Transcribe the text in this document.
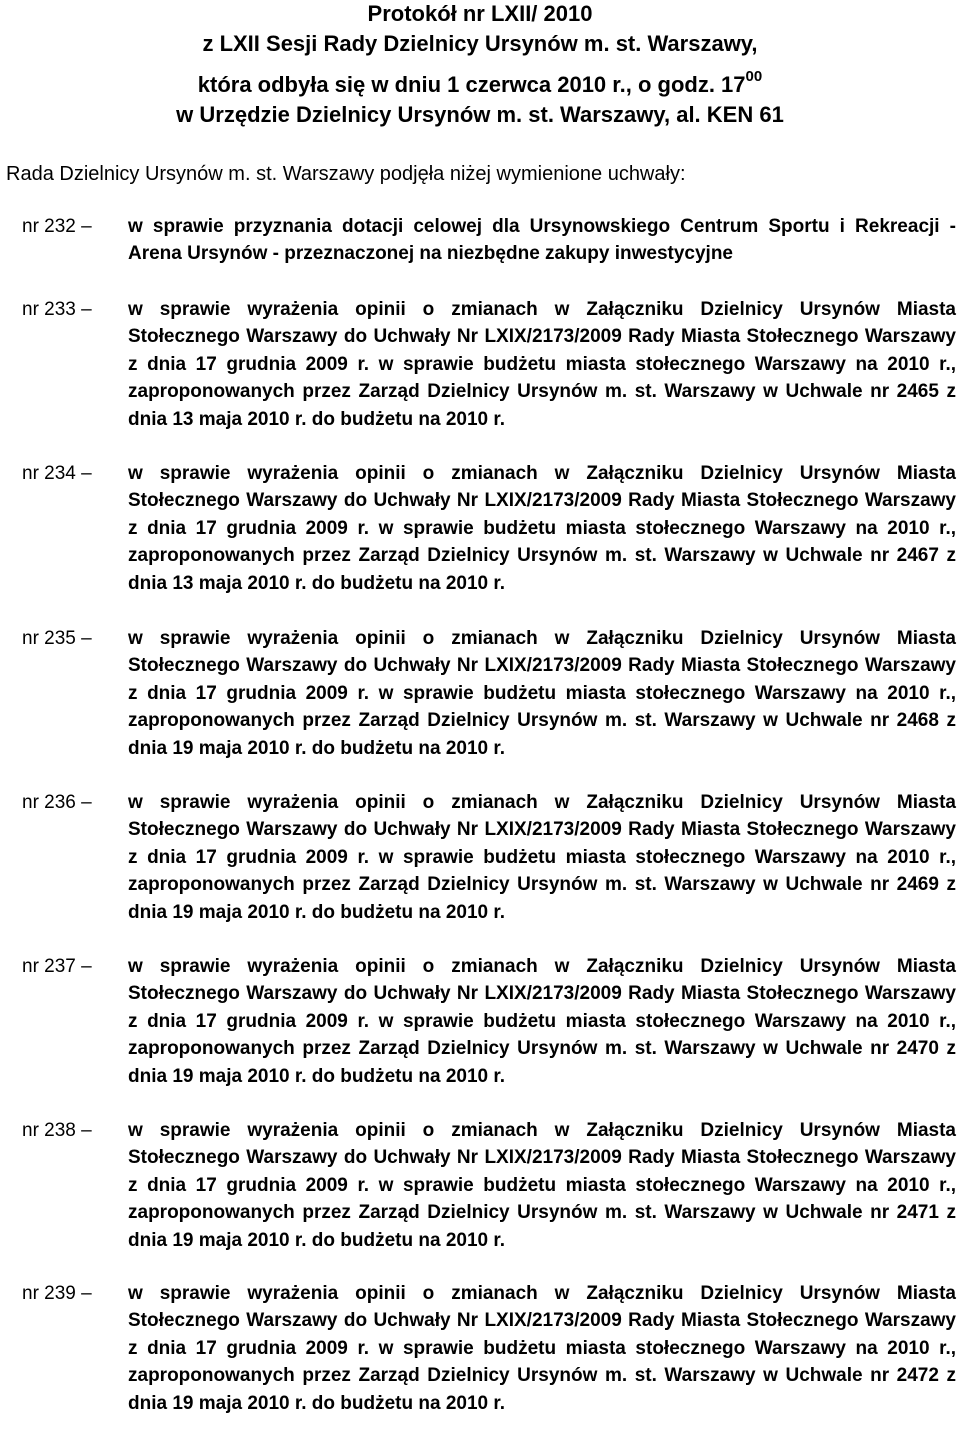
Protokół nr LXII/ 2010
z LXII Sesji Rady Dzielnicy Ursynów m. st. Warszawy,
która odbyła się w dniu 1 czerwca 2010 r., o godz. $17^{00}$
w Urzędzie Dzielnicy Ursynów m. st. Warszawy, al. KEN 61
Rada Dzielnicy Ursynów m. st. Warszawy podjęła niżej wymienione uchwały:
nr 232 –	w sprawie przyznania dotacji celowej dla Ursynowskiego Centrum Sportu i Rekreacji - Arena Ursynów - przeznaczonej na niezbędne zakupy inwestycyjne
nr 233 –	w sprawie wyrażenia opinii o zmianach w Załączniku Dzielnicy Ursynów Miasta Stołecznego Warszawy do Uchwały Nr LXIX/2173/2009 Rady Miasta Stołecznego Warszawy z dnia 17 grudnia 2009 r. w sprawie budżetu miasta stołecznego Warszawy na 2010 r., zaproponowanych przez Zarząd Dzielnicy Ursynów m. st. Warszawy w Uchwale nr 2465 z dnia 13 maja 2010 r. do budżetu na 2010 r.
nr 234 –	w sprawie wyrażenia opinii o zmianach w Załączniku Dzielnicy Ursynów Miasta Stołecznego Warszawy do Uchwały Nr LXIX/2173/2009 Rady Miasta Stołecznego Warszawy z dnia 17 grudnia 2009 r. w sprawie budżetu miasta stołecznego Warszawy na 2010 r., zaproponowanych przez Zarząd Dzielnicy Ursynów m. st. Warszawy w Uchwale nr 2467 z dnia 13 maja 2010 r. do budżetu na 2010 r.
nr 235 –	w sprawie wyrażenia opinii o zmianach w Załączniku Dzielnicy Ursynów Miasta Stołecznego Warszawy do Uchwały Nr LXIX/2173/2009 Rady Miasta Stołecznego Warszawy z dnia 17 grudnia 2009 r. w sprawie budżetu miasta stołecznego Warszawy na 2010 r., zaproponowanych przez Zarząd Dzielnicy Ursynów m. st. Warszawy w Uchwale nr 2468 z dnia 19 maja 2010 r. do budżetu na 2010 r.
nr 236 –	w sprawie wyrażenia opinii o zmianach w Załączniku Dzielnicy Ursynów Miasta Stołecznego Warszawy do Uchwały Nr LXIX/2173/2009 Rady Miasta Stołecznego Warszawy z dnia 17 grudnia 2009 r. w sprawie budżetu miasta stołecznego Warszawy na 2010 r., zaproponowanych przez Zarząd Dzielnicy Ursynów m. st. Warszawy w Uchwale nr 2469 z dnia 19 maja 2010 r. do budżetu na 2010 r.
nr 237 –	w sprawie wyrażenia opinii o zmianach w Załączniku Dzielnicy Ursynów Miasta Stołecznego Warszawy do Uchwały Nr LXIX/2173/2009 Rady Miasta Stołecznego Warszawy z dnia 17 grudnia 2009 r. w sprawie budżetu miasta stołecznego Warszawy na 2010 r., zaproponowanych przez Zarząd Dzielnicy Ursynów m. st. Warszawy w Uchwale nr 2470 z dnia 19 maja 2010 r. do budżetu na 2010 r.
nr 238 –	w sprawie wyrażenia opinii o zmianach w Załączniku Dzielnicy Ursynów Miasta Stołecznego Warszawy do Uchwały Nr LXIX/2173/2009 Rady Miasta Stołecznego Warszawy z dnia 17 grudnia 2009 r. w sprawie budżetu miasta stołecznego Warszawy na 2010 r., zaproponowanych przez Zarząd Dzielnicy Ursynów m. st. Warszawy w Uchwale nr 2471 z dnia 19 maja 2010 r. do budżetu na 2010 r.
nr 239 –	w sprawie wyrażenia opinii o zmianach w Załączniku Dzielnicy Ursynów Miasta Stołecznego Warszawy do Uchwały Nr LXIX/2173/2009 Rady Miasta Stołecznego Warszawy z dnia 17 grudnia 2009 r. w sprawie budżetu miasta stołecznego Warszawy na 2010 r., zaproponowanych przez Zarząd Dzielnicy Ursynów m. st. Warszawy w Uchwale nr 2472 z dnia 19 maja 2010 r. do budżetu na 2010 r.
